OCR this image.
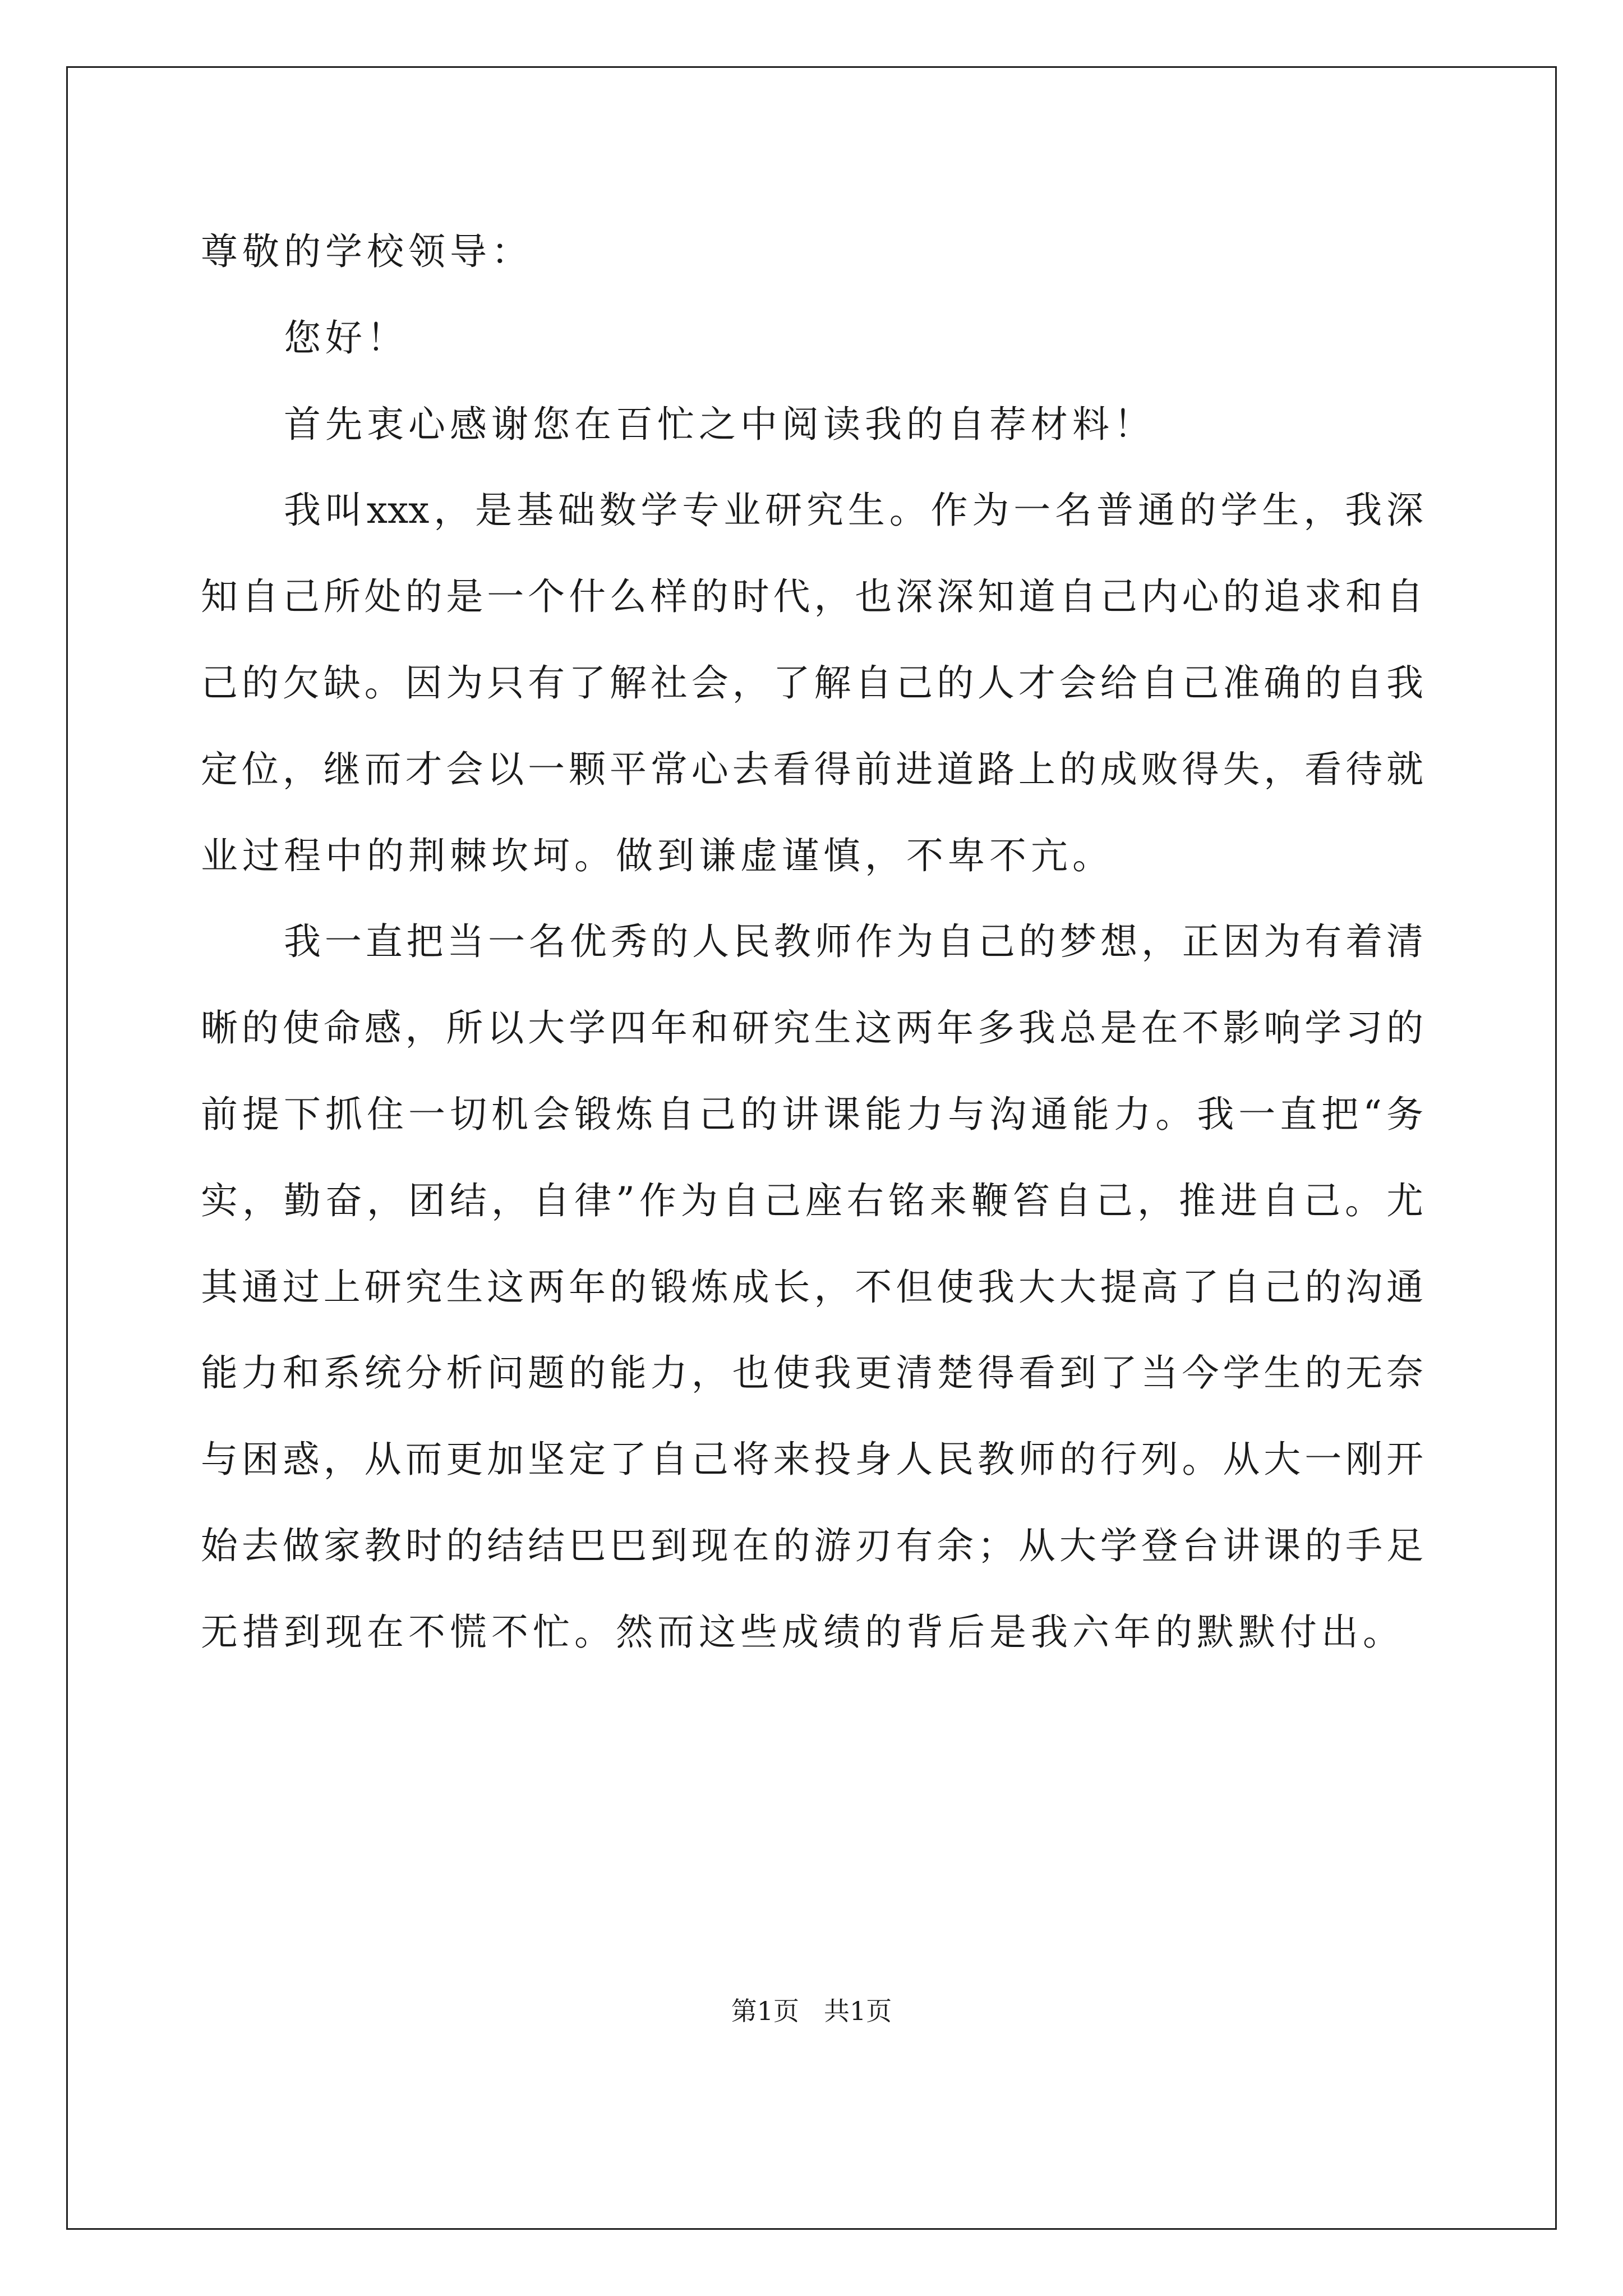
尊敬的学校领导：
您好！
首先衷心感谢您在百忙之中阅读我的自荐材料！
我叫xxx，是基础数学专业研究生。作为一名普通的学生，我深
知自己所处的是一个什么样的时代，也深深知道自己内心的追求和自
己的欠缺。因为只有了解社会，了解自己的人才会给自己准确的自我
定位，继而才会以一颗平常心去看得前进道路上的成败得失，看待就
业过程中的荆棘坎坷。做到谦虚谨慎，不卑不亢。
我一直把当一名优秀的人民教师作为自己的梦想，正因为有着清
晰的使命感，所以大学四年和研究生这两年多我总是在不影响学习的
前提下抓住一切机会锻炼自己的讲课能力与沟通能力。我一直把“务
实，勤奋，团结，自律”作为自己座右铭来鞭笞自己，推进自己。尤
其通过上研究生这两年的锻炼成长，不但使我大大提高了自己的沟通
能力和系统分析问题的能力，也使我更清楚得看到了当今学生的无奈
与困惑，从而更加坚定了自己将来投身人民教师的行列。从大一刚开
始去做家教时的结结巴巴到现在的游刃有余；从大学登台讲课的手足
无措到现在不慌不忙。然而这些成绩的背后是我六年的默默付出。
第1页 共1页
